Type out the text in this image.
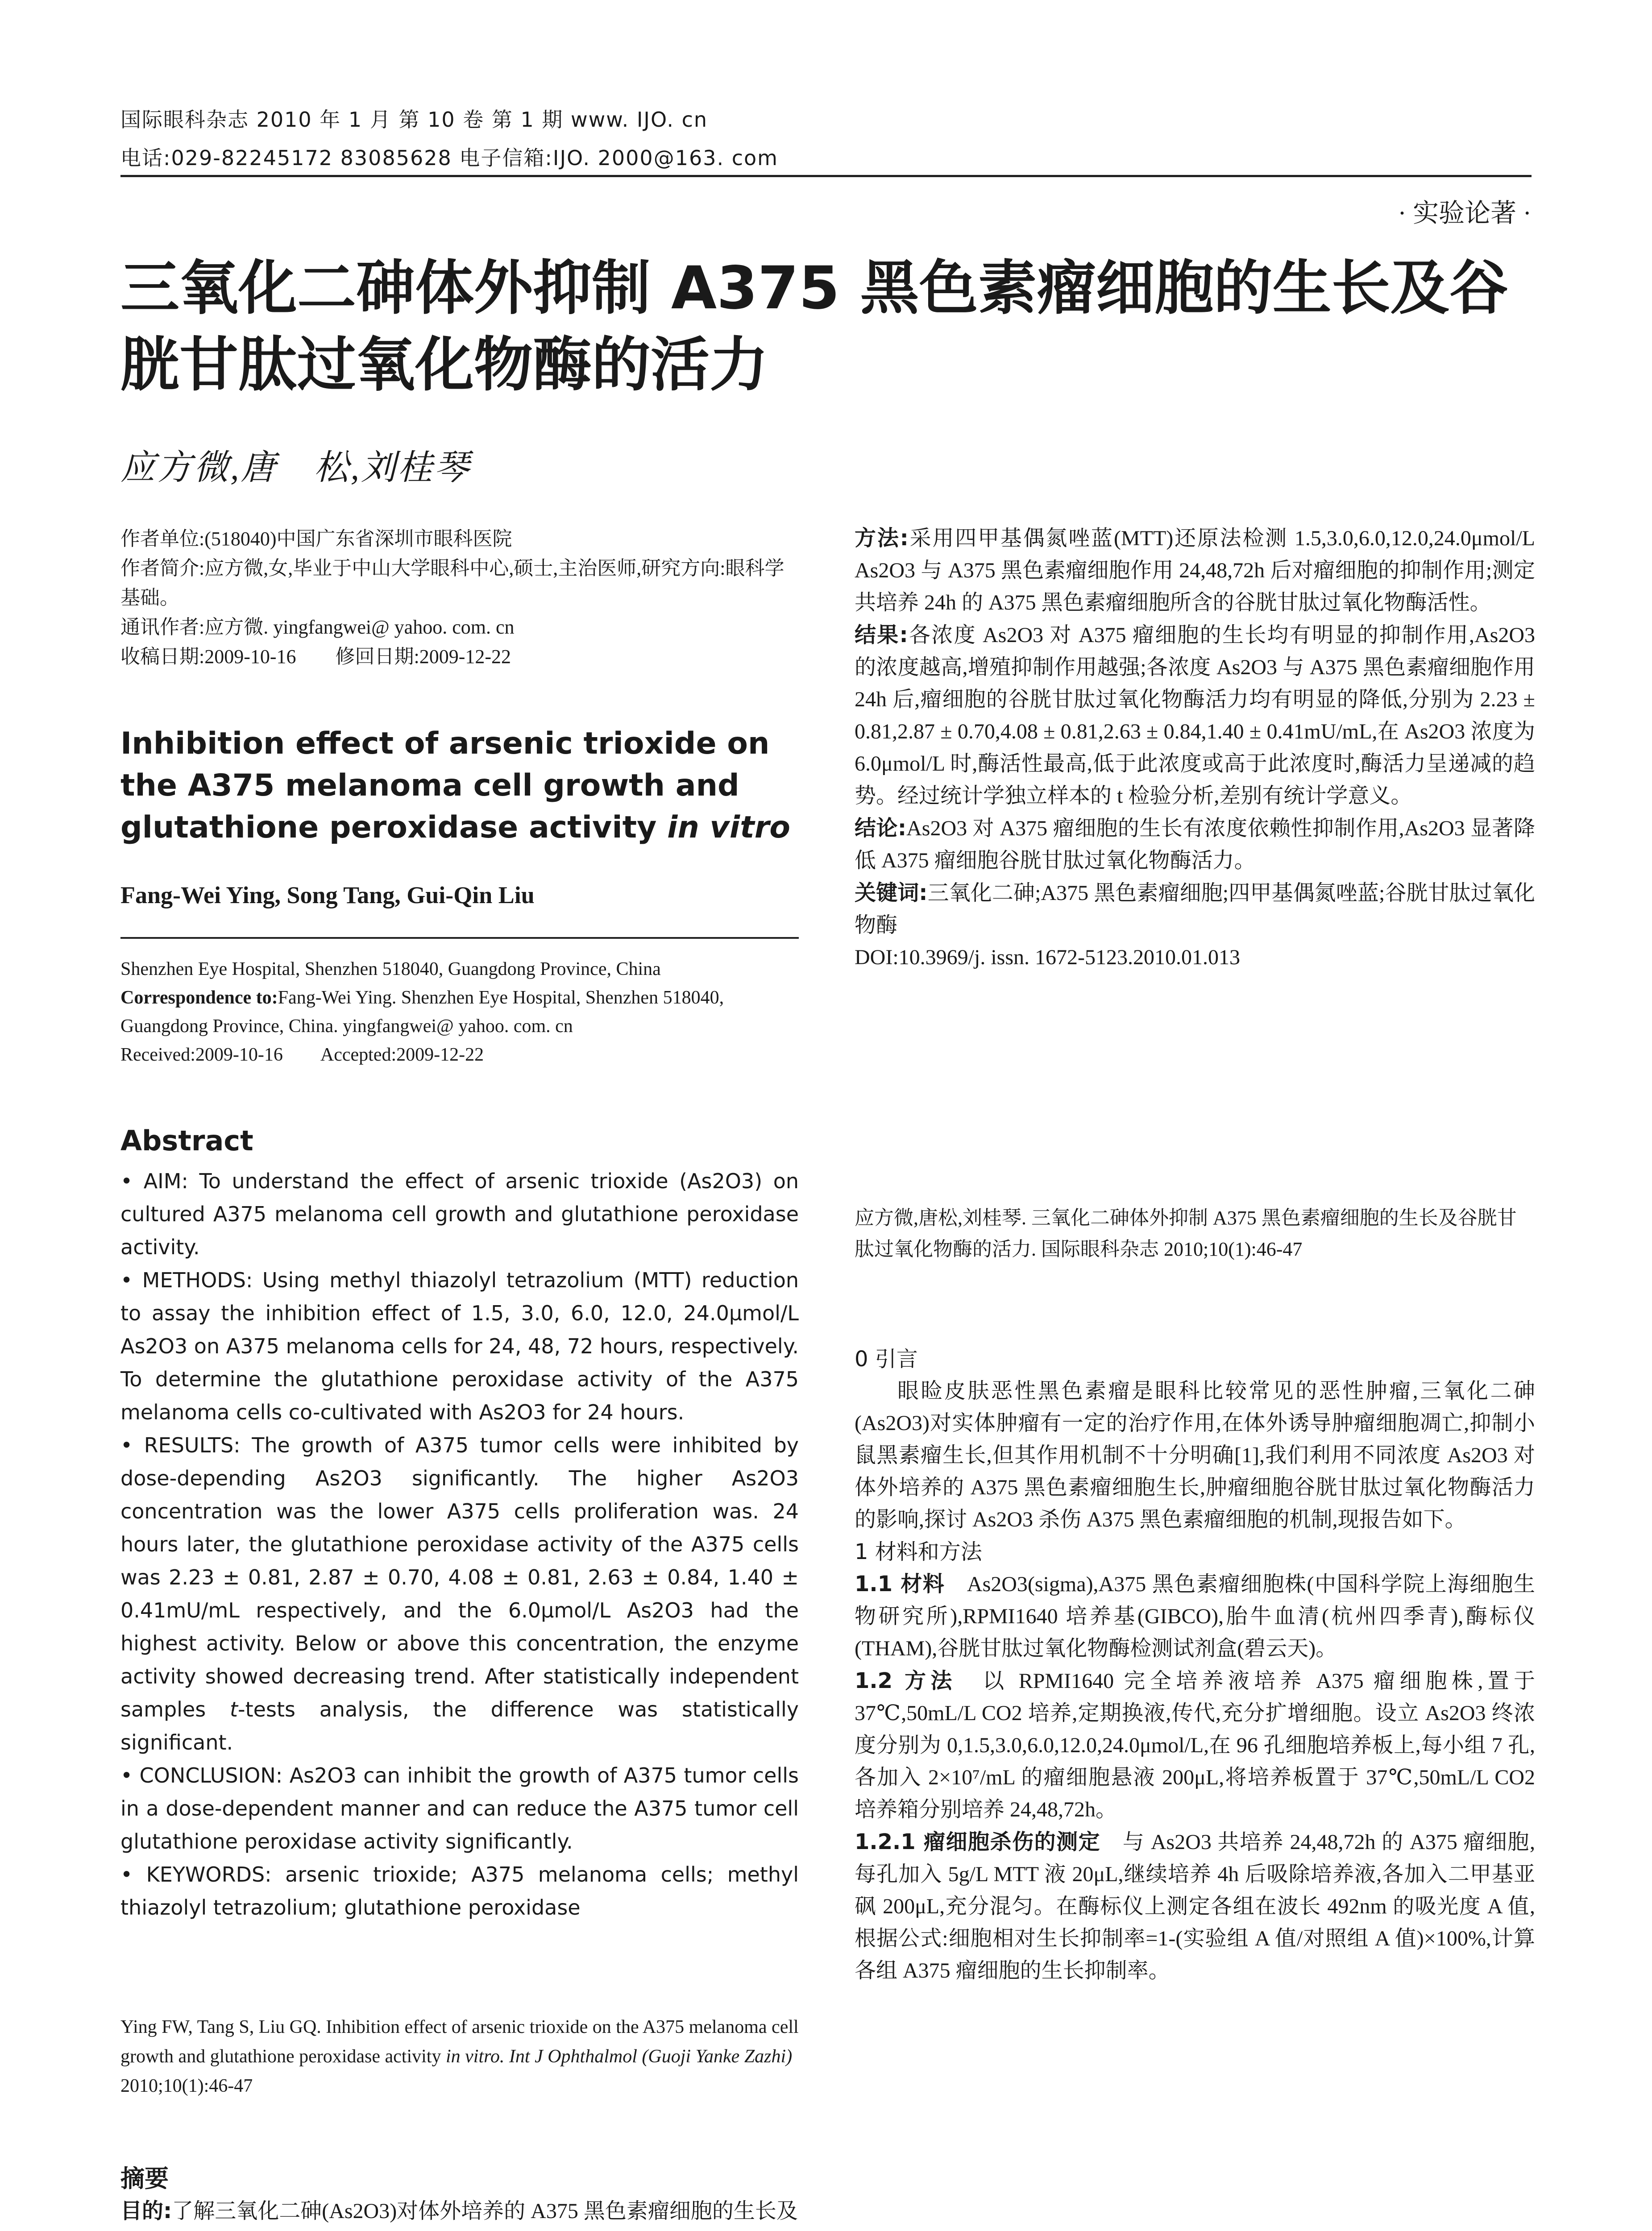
国际眼科杂志 2010 年 1 月 第 10 卷 第 1 期 www. IJO. cn
电话:029-82245172 83085628 电子信箱:IJO. 2000@163. com
· 实验论著 ·
三氧化二砷体外抑制 A375 黑色素瘤细胞的生长及谷胱甘肽过氧化物酶的活力
应方微,唐　松,刘桂琴
作者单位:(518040)中国广东省深圳市眼科医院
作者简介:应方微,女,毕业于中山大学眼科中心,硕士,主治医师,研究方向:眼科学基础。
通讯作者:应方微. yingfangwei@ yahoo. com. cn
收稿日期:2009-10-16　　修回日期:2009-12-22
Inhibition effect of arsenic trioxide on the A375 melanoma cell growth and glutathione peroxidase activity in vitro
Fang-Wei Ying, Song Tang, Gui-Qin Liu
Shenzhen Eye Hospital, Shenzhen 518040, Guangdong Province, China
Correspondence to:Fang-Wei Ying. Shenzhen Eye Hospital, Shenzhen 518040, Guangdong Province, China. yingfangwei@ yahoo. com. cn
Received:2009-10-16　　Accepted:2009-12-22
Abstract

• AIM: To understand the effect of arsenic trioxide (As2O3) on cultured A375 melanoma cell growth and glutathione peroxidase activity.

• METHODS: Using methyl thiazolyl tetrazolium (MTT) reduction to assay the inhibition effect of 1.5, 3.0, 6.0, 12.0, 24.0μmol/L As2O3 on A375 melanoma cells for 24, 48, 72 hours, respectively. To determine the glutathione peroxidase activity of the A375 melanoma cells co-cultivated with As2O3 for 24 hours.

• RESULTS: The growth of A375 tumor cells were inhibited by dose-depending As2O3 significantly. The higher As2O3 concentration was the lower A375 cells proliferation was. 24 hours later, the glutathione peroxidase activity of the A375 cells was 2.23 ± 0.81, 2.87 ± 0.70, 4.08 ± 0.81, 2.63 ± 0.84, 1.40 ± 0.41mU/mL respectively, and the 6.0μmol/L As2O3 had the highest activity. Below or above this concentration, the enzyme activity showed decreasing trend. After statistically independent samples t-tests analysis, the difference was statistically significant.

• CONCLUSION: As2O3 can inhibit the growth of A375 tumor cells in a dose-dependent manner and can reduce the A375 tumor cell glutathione peroxidase activity significantly.

• KEYWORDS: arsenic trioxide; A375 melanoma cells; methyl thiazolyl tetrazolium; glutathione peroxidase

Ying FW, Tang S, Liu GQ. Inhibition effect of arsenic trioxide on the A375 melanoma cell growth and glutathione peroxidase activity in vitro. Int J Ophthalmol (Guoji Yanke Zazhi) 2010;10(1):46-47
摘要
目的:了解三氧化二砷(As2O3)对体外培养的 A375 黑色素瘤细胞的生长及

方法:采用四甲基偶氮唑蓝(MTT)还原法检测 1.5,3.0,6.0,12.0,24.0μmol/L As2O3 与 A375 黑色素瘤细胞作用 24,48,72h 后对瘤细胞的抑制作用;测定共培养 24h 的 A375 黑色素瘤细胞所含的谷胱甘肽过氧化物酶活性。

结果:各浓度 As2O3 对 A375 瘤细胞的生长均有明显的抑制作用,As2O3 的浓度越高,增殖抑制作用越强;各浓度 As2O3 与 A375 黑色素瘤细胞作用 24h 后,瘤细胞的谷胱甘肽过氧化物酶活力均有明显的降低,分别为 2.23 ± 0.81,2.87 ± 0.70,4.08 ± 0.81,2.63 ± 0.84,1.40 ± 0.41mU/mL,在 As2O3 浓度为 6.0μmol/L 时,酶活性最高,低于此浓度或高于此浓度时,酶活力呈递减的趋势。经过统计学独立样本的 t 检验分析,差别有统计学意义。

结论:As2O3 对 A375 瘤细胞的生长有浓度依赖性抑制作用,As2O3 显著降低 A375 瘤细胞谷胱甘肽过氧化物酶活力。

关键词:三氧化二砷;A375 黑色素瘤细胞;四甲基偶氮唑蓝;谷胱甘肽过氧化物酶

DOI:10.3969/j. issn. 1672-5123.2010.01.013

应方微,唐松,刘桂琴. 三氧化二砷体外抑制 A375 黑色素瘤细胞的生长及谷胱甘肽过氧化物酶的活力. 国际眼科杂志 2010;10(1):46-47

0 引言

眼睑皮肤恶性黑色素瘤是眼科比较常见的恶性肿瘤,三氧化二砷(As2O3)对实体肿瘤有一定的治疗作用,在体外诱导肿瘤细胞凋亡,抑制小鼠黑素瘤生长,但其作用机制不十分明确[1],我们利用不同浓度 As2O3 对体外培养的 A375 黑色素瘤细胞生长,肿瘤细胞谷胱甘肽过氧化物酶活力的影响,探讨 As2O3 杀伤 A375 黑色素瘤细胞的机制,现报告如下。

1 材料和方法

1.1 材料　 As2O3(sigma),A375 黑色素瘤细胞株(中国科学院上海细胞生物研究所),RPMI1640 培养基(GIBCO),胎牛血清(杭州四季青),酶标仪(THAM),谷胱甘肽过氧化物酶检测试剂盒(碧云天)。

1.2 方法　 以 RPMI1640 完全培养液培养 A375 瘤细胞株,置于 37℃,50mL/L CO2 培养,定期换液,传代,充分扩增细胞。设立 As2O3 终浓度分别为 0,1.5,3.0,6.0,12.0,24.0μmol/L,在 96 孔细胞培养板上,每小组 7 孔,各加入 2×10⁷/mL 的瘤细胞悬液 200μL,将培养板置于 37℃,50mL/L CO2 培养箱分别培养 24,48,72h。

1.2.1 瘤细胞杀伤的测定　 与 As2O3 共培养 24,48,72h 的 A375 瘤细胞,每孔加入 5g/L MTT 液 20μL,继续培养 4h 后吸除培养液,各加入二甲基亚砜 200μL,充分混匀。在酶标仪上测定各组在波长 492nm 的吸光度 A 值,根据公式:细胞相对生长抑制率=1-(实验组 A 值/对照组 A 值)×100%,计算各组 A375 瘤细胞的生长抑制率。
